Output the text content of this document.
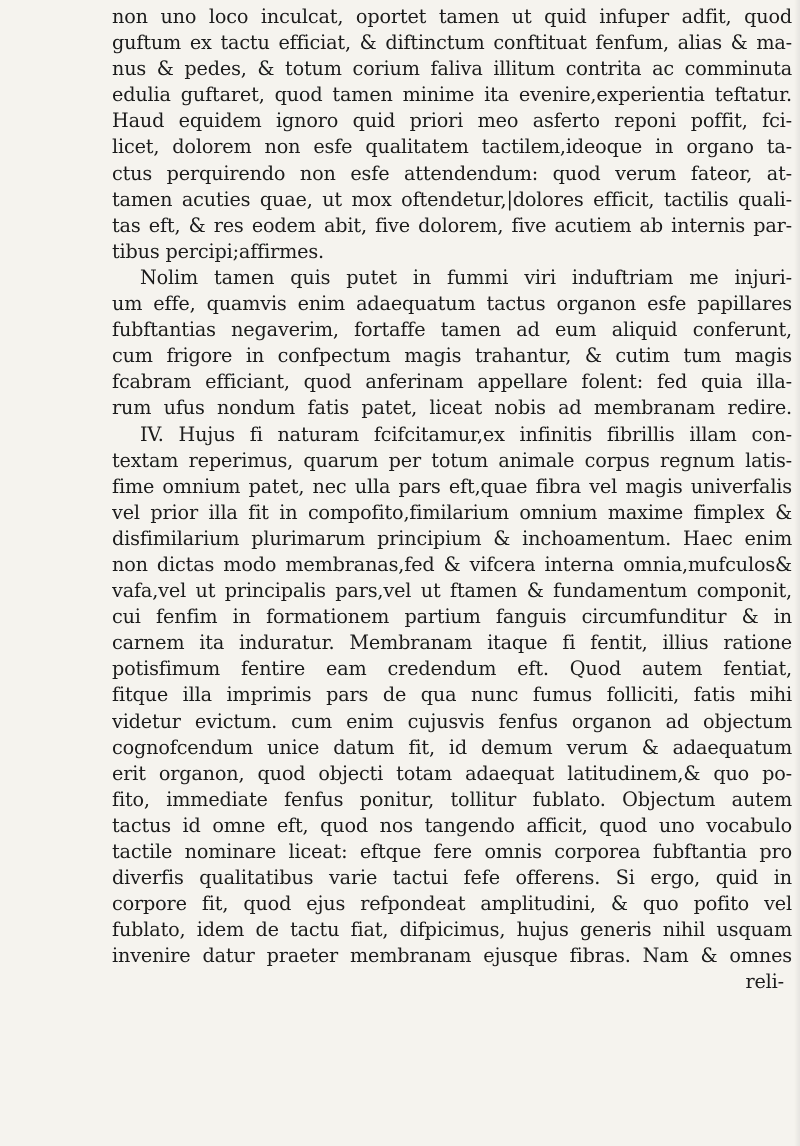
non uno loco inculcat, oportet tamen ut quid infuper adfit, quod
guftum ex tactu efficiat, & diftinctum conftituat fenfum, alias & ma-
nus & pedes, & totum corium faliva illitum contrita ac comminuta
edulia guftaret, quod tamen minime ita evenire,experientia teftatur.
Haud equidem ignoro quid priori meo asferto reponi poffit, fci-
licet, dolorem non esfe qualitatem tactilem,ideoque in organo ta-
ctus perquirendo non esfe attendendum: quod verum fateor, at-
tamen acuties quae, ut mox oftendetur,|dolores efficit, tactilis quali-
tas eft, & res eodem abit, five dolorem, five acutiem ab internis par-
tibus percipi;affirmes.
Nolim tamen quis putet in fummi viri induftriam me injuri-
um effe, quamvis enim adaequatum tactus organon esfe papillares
fubftantias negaverim, fortaffe tamen ad eum aliquid conferunt,
cum frigore in confpectum magis trahantur, & cutim tum magis
fcabram efficiant, quod anferinam appellare folent: fed quia illa-
rum ufus nondum fatis patet, liceat nobis ad membranam redire.
IV. Hujus fi naturam fcifcitamur,ex infinitis fibrillis illam con-
textam reperimus, quarum per totum animale corpus regnum latis-
fime omnium patet, nec ulla pars eft,quae fibra vel magis univerfalis
vel prior illa fit in compofito,fimilarium omnium maxime fimplex &
disfimilarium plurimarum principium & inchoamentum. Haec enim
non dictas modo membranas,fed & vifcera interna omnia,mufculos&
vafa,vel ut principalis pars,vel ut ftamen & fundamentum componit,
cui fenfim in formationem partium fanguis circumfunditur & in
carnem ita induratur. Membranam itaque fi fentit, illius ratione
potisfimum fentire eam credendum eft. Quod autem fentiat,
fitque illa imprimis pars de qua nunc fumus folliciti, fatis mihi
videtur evictum. cum enim cujusvis fenfus organon ad objectum
cognofcendum unice datum fit, id demum verum & adaequatum
erit organon, quod objecti totam adaequat latitudinem,& quo po-
fito, immediate fenfus ponitur, tollitur fublato. Objectum autem
tactus id omne eft, quod nos tangendo afficit, quod uno vocabulo
tactile nominare liceat: eftque fere omnis corporea fubftantia pro
diverfis qualitatibus varie tactui fefe offerens. Si ergo, quid in
corpore fit, quod ejus refpondeat amplitudini, & quo pofito vel
fublato, idem de tactu fiat, difpicimus, hujus generis nihil usquam
invenire datur praeter membranam ejusque fibras. Nam & omnes
reli-
